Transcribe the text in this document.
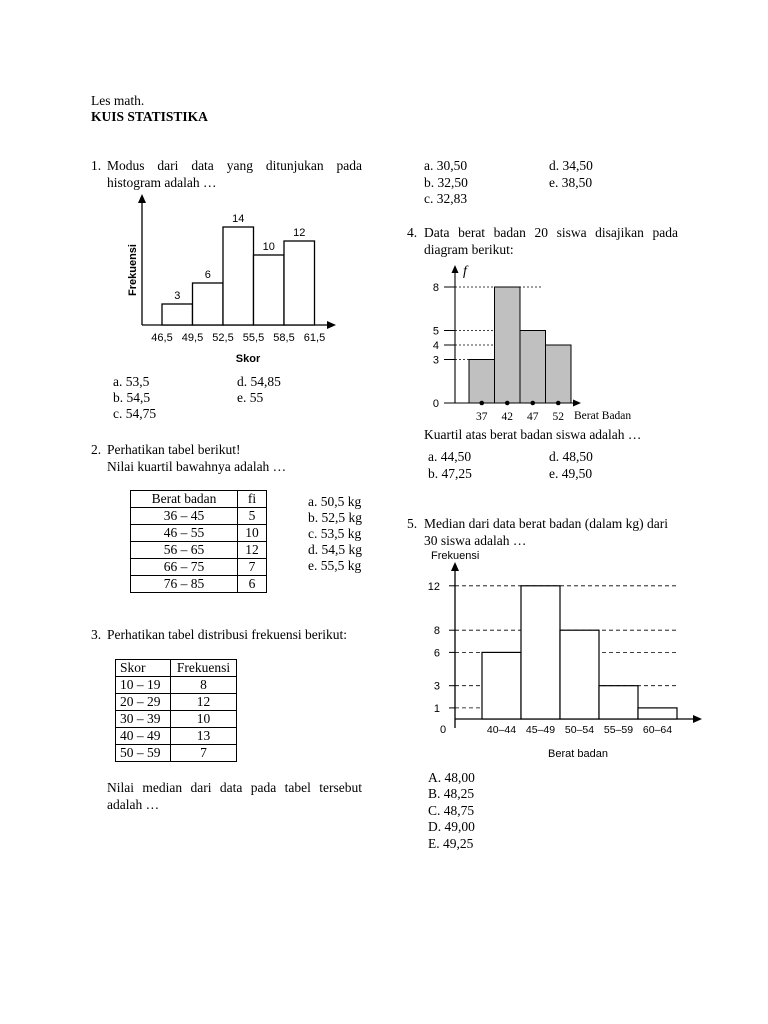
Les math.
KUIS STATISTIKA
1. Modus dari data yang ditunjukan pada
histogram adalah …
Frekuensi
3
6
14
10
12
46,5 49,5 52,5 55,5 58,5 61,5
Skor
a. 53,5
b. 54,5
c. 54,75
d. 54,85
e. 55
2. Perhatikan tabel berikut!
Nilai kuartil bawahnya adalah …
Berat badan	fi
36 – 45	5
46 – 55	10
56 – 65	12
66 – 75	7
76 – 85	6
a. 50,5 kg
b. 52,5 kg
c. 53,5 kg
d. 54,5 kg
e. 55,5 kg
3. Perhatikan tabel distribusi frekuensi berikut:
Skor	Frekuensi
10 – 19	8
20 – 29	12
30 – 39	10
40 – 49	13
50 – 59	7
Nilai median dari data pada tabel tersebut
adalah …
a. 30,50
b. 32,50
c. 32,83
d. 34,50
e. 38,50
4. Data berat badan 20 siswa disajikan pada
diagram berikut:
f
0
3
4
5
8
37 42 47 52 Berat Badan
Kuartil atas berat badan siswa adalah …
a. 44,50
b. 47,25
d. 48,50
e. 49,50
5. Median dari data berat badan (dalam kg) dari
30 siswa adalah …
Frekuensi
0
1
3
6
8
12
40–44 45–49 50–54 55–59 60–64
Berat badan
A. 48,00
B. 48,25
C. 48,75
D. 49,00
E. 49,25
